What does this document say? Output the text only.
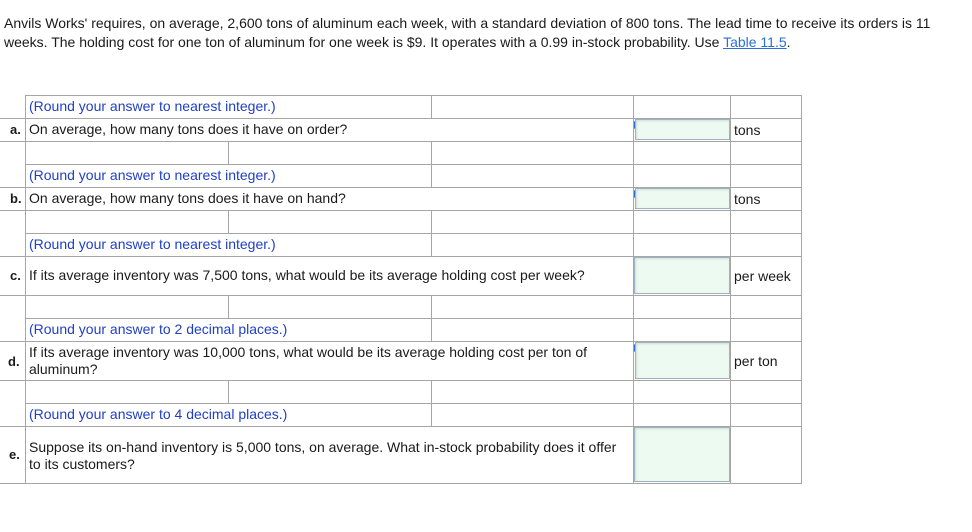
Anvils Works' requires, on average, 2,600 tons of aluminum each week, with a standard deviation of 800 tons. The lead time to receive its orders is 11 weeks. The holding cost for one ton of aluminum for one week is $9. It operates with a 0.99 in-stock probability. Use Table 11.5.
(Round your answer to nearest integer.)
a. On average, how many tons does it have on order?	tons
(Round your answer to nearest integer.)
b. On average, how many tons does it have on hand?	tons
(Round your answer to nearest integer.)
c. If its average inventory was 7,500 tons, what would be its average holding cost per week?	per week
(Round your answer to 2 decimal places.)
d.
If its average inventory was 10,000 tons, what would be its average holding cost per ton of aluminum?	per ton
(Round your answer to 4 decimal places.)
e. Suppose its on-hand inventory is 5,000 tons, on average. What in-stock probability does it offer to its customers?
